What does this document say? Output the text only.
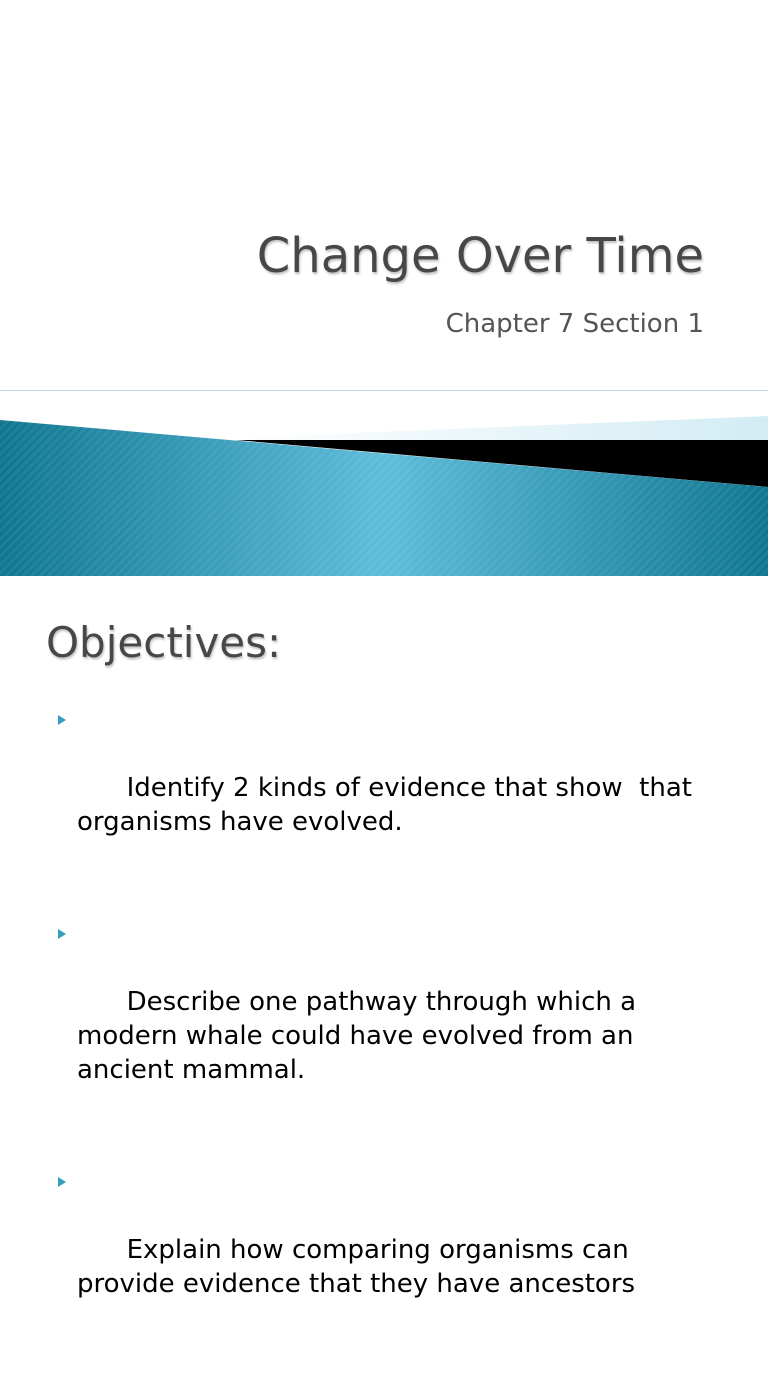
Change Over Time
Chapter 7 Section 1
Objectives:

Identify 2 kinds of evidence that show  that organisms have evolved.

Describe one pathway through which a modern whale could have evolved from an ancient mammal.

Explain how comparing organisms can provide evidence that they have ancestors
